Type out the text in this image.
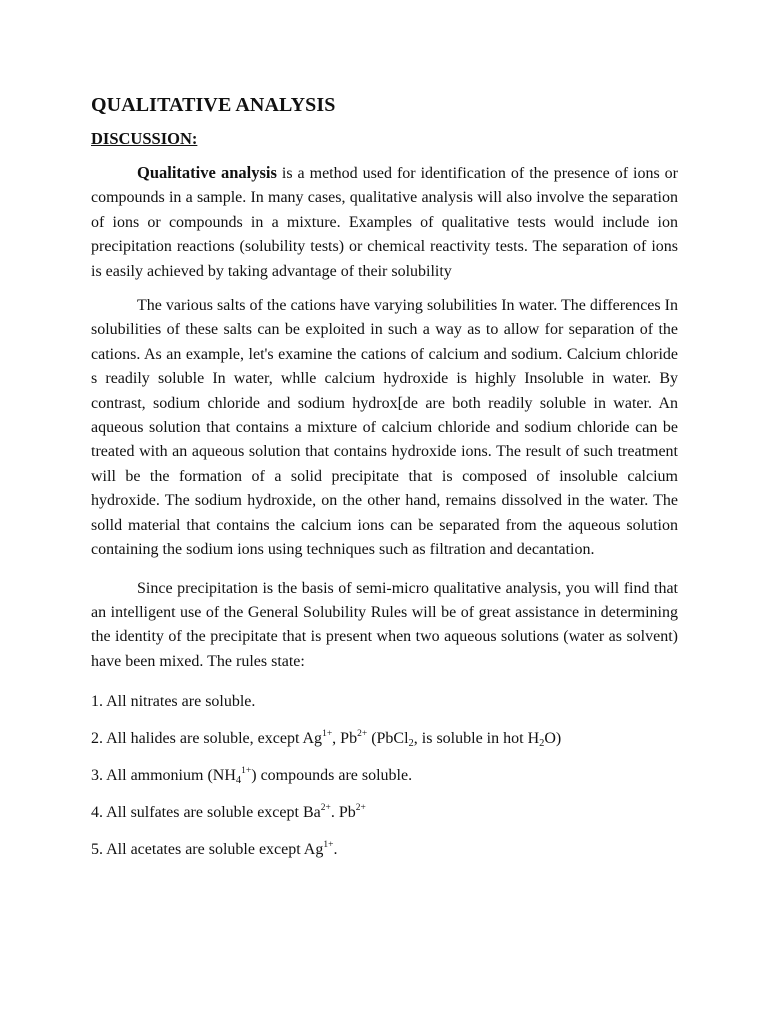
QUALITATIVE ANALYSIS
DISCUSSION:

Qualitative analysis is a method used for identification of the presence of ions or compounds in a sample. In many cases, qualitative analysis will also involve the separation of ions or compounds in a mixture. Examples of qualitative tests would include ion precipitation reactions (solubility tests) or chemical reactivity tests. The separation of ions is easily achieved by taking advantage of their solubility

The various salts of the cations have varying solubilities In water. The differences In solubilities of these salts can be exploited in such a way as to allow for separation of the cations. As an example, let's examine the cations of calcium and sodium. Calcium chloride s readily soluble In water, whlle calcium hydroxide is highly Insoluble in water. By contrast, sodium chloride and sodium hydrox[de are both readily soluble in water. An aqueous solution that contains a mixture of calcium chloride and sodium chloride can be treated with an aqueous solution that contains hydroxide ions. The result of such treatment will be the formation of a solid precipitate that is composed of insoluble calcium hydroxide. The sodium hydroxide, on the other hand, remains dissolved in the water. The solld material that contains the calcium ions can be separated from the aqueous solution containing the sodium ions using techniques such as filtration and decantation.

Since precipitation is the basis of semi-micro qualitative analysis, you will find that an intelligent use of the General Solubility Rules will be of great assistance in determining the identity of the precipitate that is present when two aqueous solutions (water as solvent) have been mixed. The rules state:

1. All nitrates are soluble.
2. All halides are soluble, except $Ag^{1+}$, $Pb^{2+}$ (PbCl$_2$, is soluble in hot $H_2O$)
3. All ammonium $(NH_4^{1+})$ compounds are soluble.
4. All sulfates are soluble except $Ba^{2+}$. $Pb^{2+}$
5. All acetates are soluble except $Ag^{1+}$.
